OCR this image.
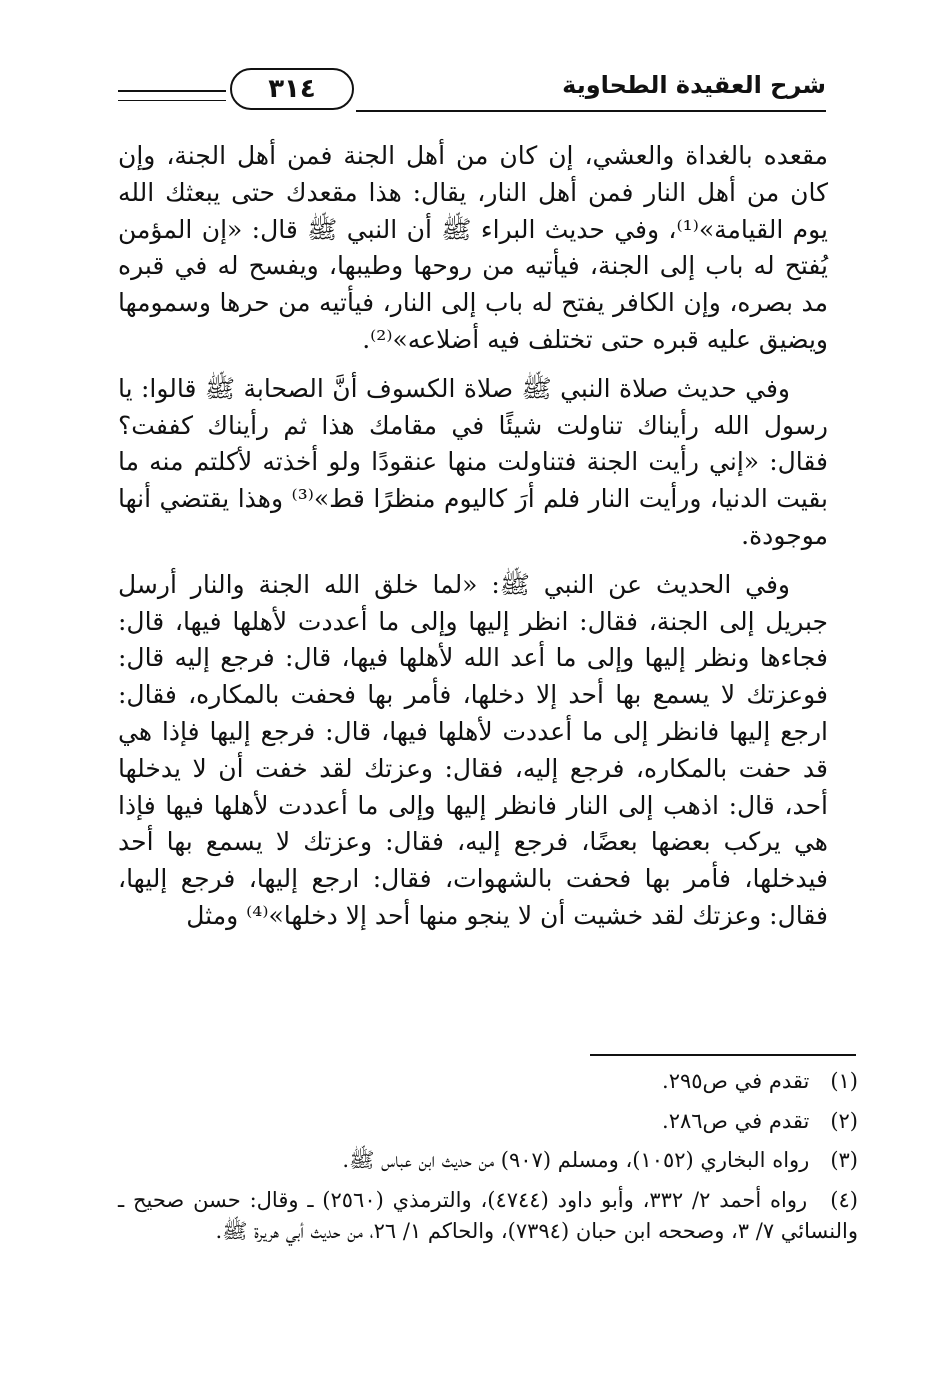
٣١٤	شرح العقيدة الطحاوية

مقعده بالغداة والعشي، إن كان من أهل الجنة فمن أهل الجنة، وإن كان من أهل النار فمن أهل النار، يقال: هذا مقعدك حتى يبعثك الله يوم القيامة»⁽¹⁾، وفي حديث البراء ﷺ أن النبي ﷺ قال: «إن المؤمن يُفتح له باب إلى الجنة، فيأتيه من روحها وطيبها، ويفسح له في قبره مد بصره، وإن الكافر يفتح له باب إلى النار، فيأتيه من حرها وسمومها ويضيق عليه قبره حتى تختلف فيه أضلاعه»⁽²⁾.

وفي حديث صلاة النبي ﷺ صلاة الكسوف أنَّ الصحابة ﷺ قالوا: يا رسول الله رأيناك تناولت شيئًا في مقامك هذا ثم رأيناك كففت؟ فقال: «إني رأيت الجنة فتناولت منها عنقودًا ولو أخذته لأكلتم منه ما بقيت الدنيا، ورأيت النار فلم أرَ كاليوم منظرًا قط»⁽³⁾ وهذا يقتضي أنها موجودة.

وفي الحديث عن النبي ﷺ: «لما خلق الله الجنة والنار أرسل جبريل إلى الجنة، فقال: انظر إليها وإلى ما أعددت لأهلها فيها، قال: فجاءها ونظر إليها وإلى ما أعد الله لأهلها فيها، قال: فرجع إليه قال: فوعزتك لا يسمع بها أحد إلا دخلها، فأمر بها فحفت بالمكاره، فقال: ارجع إليها فانظر إلى ما أعددت لأهلها فيها، قال: فرجع إليها فإذا هي قد حفت بالمكاره، فرجع إليه، فقال: وعزتك لقد خفت أن لا يدخلها أحد، قال: اذهب إلى النار فانظر إليها وإلى ما أعددت لأهلها فيها فإذا هي يركب بعضها بعضًا، فرجع إليه، فقال: وعزتك لا يسمع بها أحد فيدخلها، فأمر بها فحفت بالشهوات، فقال: ارجع إليها، فرجع إليها، فقال: وعزتك لقد خشيت أن لا ينجو منها أحد إلا دخلها»⁽⁴⁾ ومثل

(١) تقدم في ص٢٩٥.
(٢) تقدم في ص٢٨٦.
(٣) رواه البخاري (١٠٥٢)، ومسلم (٩٠٧) من حديث ابن عباس ﷺ.
(٤) رواه أحمد ٢/ ٣٣٢، وأبو داود (٤٧٤٤)، والترمذي (٢٥٦٠) ـ وقال: حسن صحيح ـ والنسائي ٧/ ٣، وصححه ابن حبان (٧٣٩٤)، والحاكم ١/ ٢٦، من حديث أبي هريرة ﷺ.
